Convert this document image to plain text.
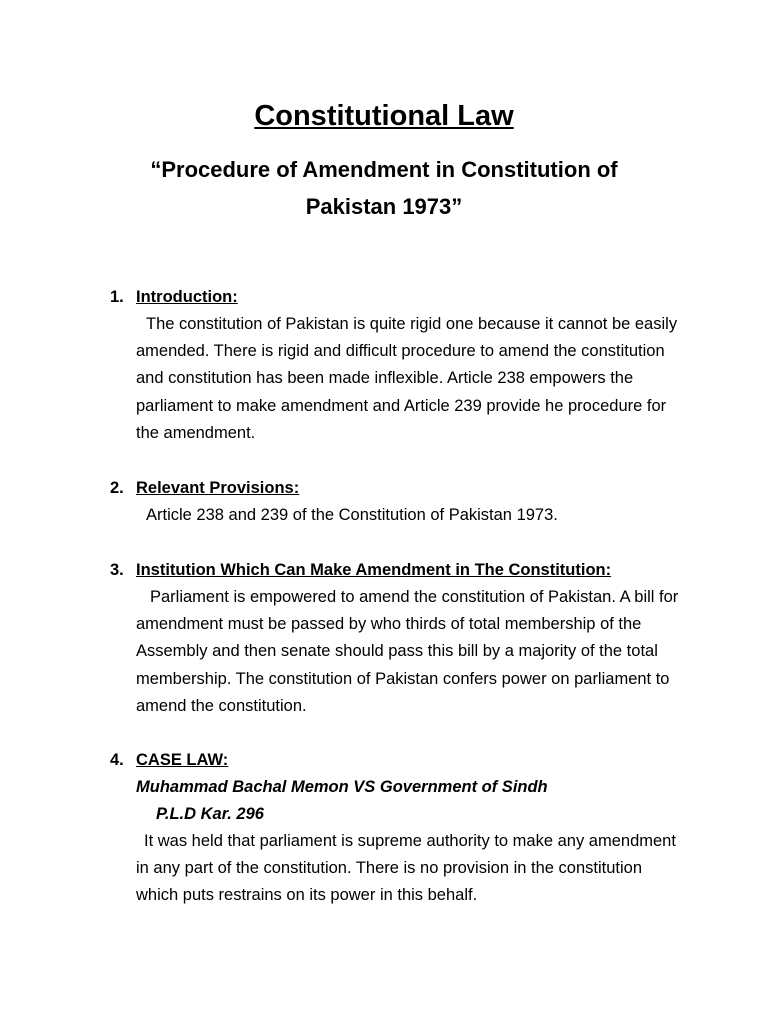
Constitutional Law
“Procedure of Amendment in Constitution of Pakistan 1973”
1. Introduction:

The constitution of Pakistan is quite rigid one because it cannot be easily amended. There is rigid and difficult procedure to amend the constitution and constitution has been made inflexible. Article 238 empowers the parliament to make amendment and Article 239 provide he procedure for the amendment.

2. Relevant Provisions:

Article 238 and 239 of the Constitution of Pakistan 1973.

3. Institution Which Can Make Amendment in The Constitution:

Parliament is empowered to amend the constitution of Pakistan. A bill for amendment must be passed by who thirds of total membership of the Assembly and then senate should pass this bill by a majority of the total membership. The constitution of Pakistan confers power on parliament to amend the constitution.

4. CASE LAW:
Muhammad Bachal Memon VS Government of Sindh
P.L.D Kar. 296

It was held that parliament is supreme authority to make any amendment in any part of the constitution. There is no provision in the constitution which puts restrains on its power in this behalf.
